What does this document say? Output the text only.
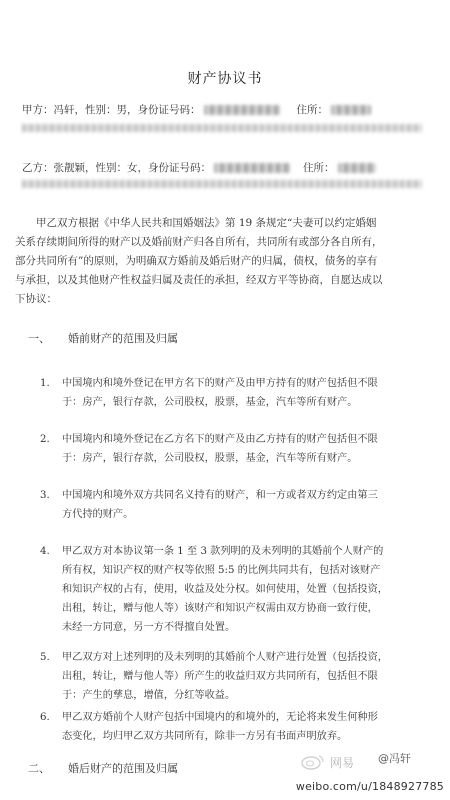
财产协议书
甲方：冯轩，性别：男，身份证号码：	住所：
乙方：张靓颖，性别：女，身份证号码：	住所：
甲乙双方根据《中华人民共和国婚姻法》第 19 条规定“夫妻可以约定婚姻
关系存续期间所得的财产以及婚前财产归各自所有，共同所有或部分各自所有，
部分共同所有”的原则，为明确双方婚前及婚后财产的归属，债权，债务的享有
与承担，以及其他财产性权益归属及责任的承担，经双方平等协商，自愿达成以
下协议：
一、 婚前财产的范围及归属
1. 中国境内和境外登记在甲方名下的财产及由甲方持有的财产包括但不限
于：房产，银行存款，公司股权，股票，基金，汽车等所有财产。
2. 中国境内和境外登记在乙方名下的财产及由乙方持有的财产包括但不限
于：房产，银行存款，公司股权，股票，基金，汽车等所有财产。
3. 中国境内和境外双方共同名义持有的财产，和一方或者双方约定由第三
方代持的财产。
4. 甲乙双方对本协议第一条 1 至 3 款列明的及未列明的其婚前个人财产的
所有权，知识产权的财产权等依照 5:5 的比例共同共有，包括对该财产
和知识产权的占有，使用，收益及处分权。如何使用，处置（包括投资，
出租，转让，赠与他人等）该财产和知识产权需由双方协商一致行使，
未经一方同意，另一方不得擅自处置。
5. 甲乙双方对上述列明的及未列明的其婚前个人财产进行处置（包括投资，
出租，转让，赠与他人等）所产生的收益归双方共同所有，包括但不限
于：产生的孳息，增值，分红等收益。
6. 甲乙双方婚前个人财产包括中国境内的和境外的，无论将来发生何种形
态变化，均归甲乙双方共同所有，除非一方另有书面声明放弃。
二、 婚后财产的范围及归属	网易 @冯轩
weibo.com/u/1848927785
